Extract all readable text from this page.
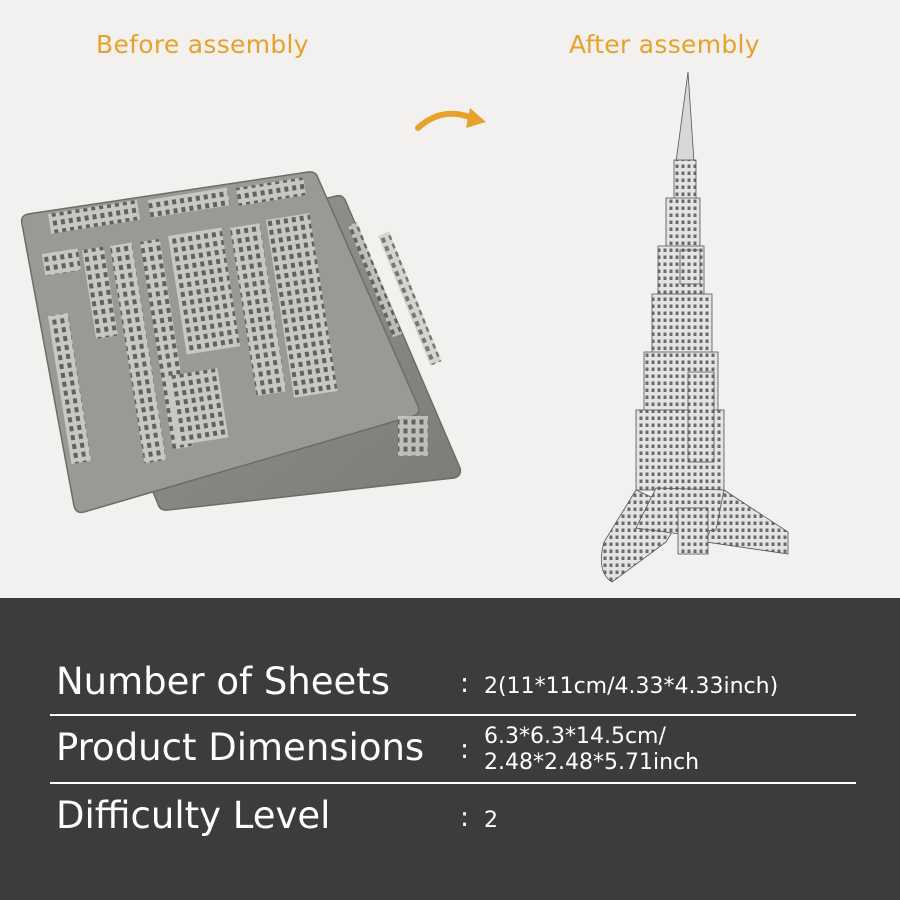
Before assembly	After assembly
Number of Sheets	: 2(11*11cm/4.33*4.33inch)
Product Dimensions : 6.3*6.3*14.5cm/
2.48*2.48*5.71inch
Difficulty Level	: 2
